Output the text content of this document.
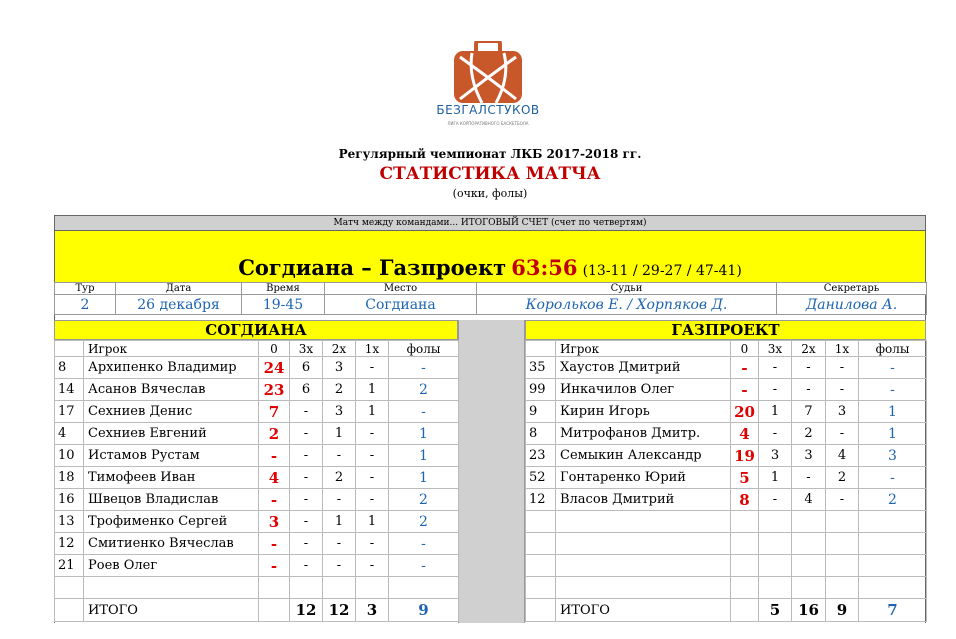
БЕЗГАЛСТУКОВ
ЛИГА КОРПОРАТИВНОГО БАСКЕТБОЛА
Регулярный чемпионат ЛКБ 2017-2018 гг.
СТАТИСТИКА МАТЧА
(очки, фолы)
Матч между командами... ИТОГОВЫЙ СЧЕТ (счет по четвертям)
Согдиана – Газпроект 63:56 (13-11 / 29-27 / 47-41)
Тур	Дата	Время	Место	Судьи	Секретарь
2	26 декабря	19-45	Согдиана	Корольков Е. / Хорпяков Д.	Данилова А.
СОГДИАНА	ГАЗПРОЕКТ
	Игрок	0	3х	2х	1х	фолы
8	Архипенко Владимир	24	6	3	-	-
14	Асанов Вячеслав	23	6	2	1	2
17	Сехниев Денис	7	-	3	1	-
4	Сехниев Евгений	2	-	1	-	1
10	Истамов Рустам	-	-	-	-	1
18	Тимофеев Иван	4	-	2	-	1
16	Швецов Владислав	-	-	-	-	2
13	Трофименко Сергей	3	-	1	1	2
12	Смитиенко Вячеслав	-	-	-	-	-
21	Роев Олег	-	-	-	-	-

	ИТОГО		12	12	3	9
	Игрок	0	3х	2х	1х	фолы
35	Хаустов Дмитрий	-	-	-	-	-
99	Инкачилов Олег	-	-	-	-	-
9	Кирин Игорь	20	1	7	3	1
8	Митрофанов Дмитр.	4	-	2	-	1
23	Семыкин Александр	19	3	3	4	3
52	Гонтаренко Юрий	5	1	-	2	-
12	Власов Дмитрий	8	-	4	-	2

	ИТОГО		5	16	9	7
